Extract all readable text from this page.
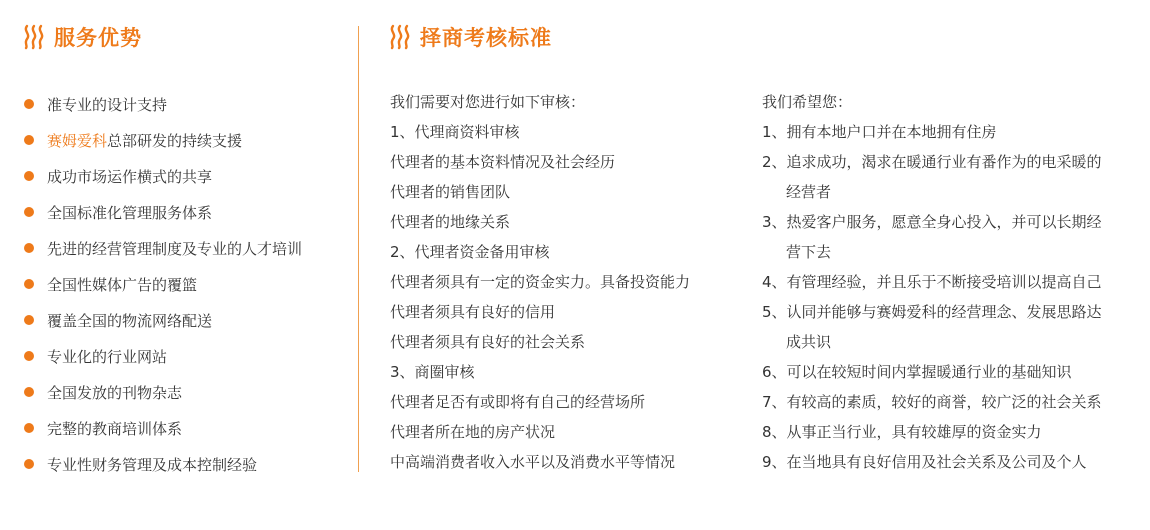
服务优势	择商考核标准
准专业的设计支持
赛姆爱科 总部研发的持续支援
成功市场运作横式的共享
全国标准化管理服务体系
先进的经营管理制度及专业的人才培训
全国性媒体广告的覆篮
覆盖全国的物流网络配送
专业化的行业网站
全国发放的刊物杂志
完整的教商培训体系
专业性财务管理及成本控制经验
我们需要对您进行如下审核：
1、代理商资料审核
代理者的基本资料情况及社会经历
代理者的销售团队
代理者的地缘关系
2、代理者资金备用审核
代理者须具有一定的资金实力。具备投资能力
代理者须具有良好的信用
代理者须具有良好的社会关系
3、商圈审核
代理者足否有或即将有自己的经营场所
代理者所在地的房产状况
中高端消费者收入水平以及消费水平等情况
我们希望您：
1、拥有本地户口并在本地拥有住房
2、追求成功，渴求在暖通行业有番作为的电采暖的
经营者
3、热爱客户服务，愿意全身心投入，并可以长期经
营下去
4、有管理经验，并且乐于不断接受培训以提高自己
5、认同并能够与赛姆爱科的经营理念、发展思路达
成共识
6、可以在较短时间内掌握暖通行业的基础知识
7、有较高的素质，较好的商誉，较广泛的社会关系
8、从事正当行业，具有较雄厚的资金实力
9、在当地具有良好信用及社会关系及公司及个人
